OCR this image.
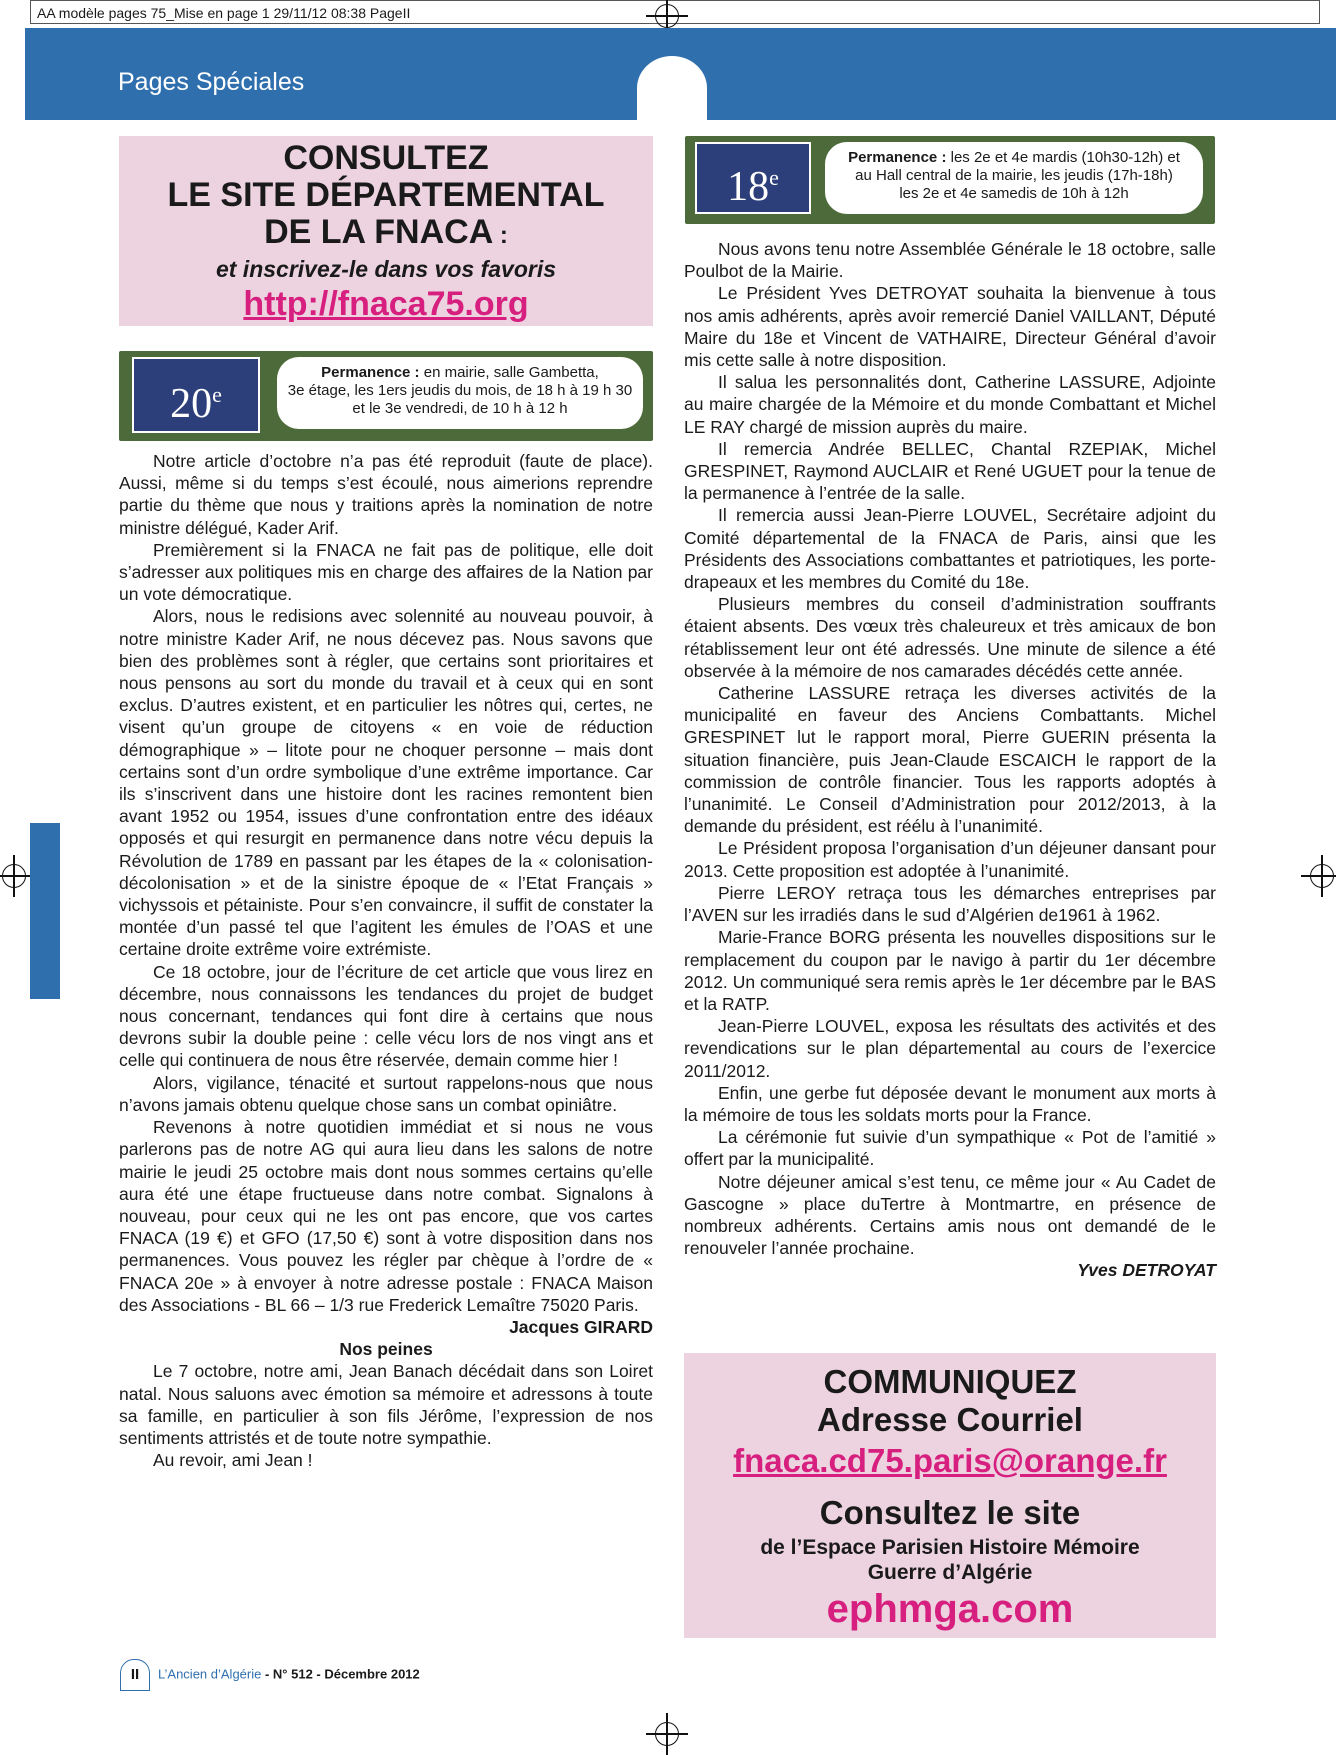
AA modèle pages 75_Mise en page 1 29/11/12 08:38 PageII
Pages Spéciales
CONSULTEZ
LE SITE DÉPARTEMENTAL
DE LA FNACA :
et inscrivez-le dans vos favoris
http://fnaca75.org
20e
Permanence : en mairie, salle Gambetta,
3e étage, les 1ers jeudis du mois, de 18 h à 19 h 30
et le 3e vendredi, de 10 h à 12 h
18e
Permanence : les 2e et 4e mardis (10h30-12h) et
au Hall central de la mairie, les jeudis (17h-18h)
les 2e et 4e samedis de 10h à 12h

Notre article d’octobre n’a pas été reproduit (faute de place). Aussi, même si du temps s’est écoulé, nous aimerions reprendre partie du thème que nous y traitions après la nomination de notre ministre délégué, Kader Arif.

Premièrement si la FNACA ne fait pas de politique, elle doit s’adresser aux politiques mis en charge des affaires de la Nation par un vote démocratique.

Alors, nous le redisions avec solennité au nouveau pouvoir, à notre ministre Kader Arif, ne nous décevez pas. Nous savons que bien des problèmes sont à régler, que certains sont prioritaires et nous pensons au sort du monde du travail et à ceux qui en sont exclus. D’autres existent, et en particulier les nôtres qui, certes, ne visent qu’un groupe de citoyens « en voie de réduction démographique » – litote pour ne choquer personne – mais dont certains sont d’un ordre symbolique d’une extrême importance. Car ils s’inscrivent dans une histoire dont les racines remontent bien avant 1952 ou 1954, issues d’une confrontation entre des idéaux opposés et qui resurgit en permanence dans notre vécu depuis la Révolution de 1789 en passant par les étapes de la « colonisation-décolonisation » et de la sinistre époque de « l’Etat Français » vichyssois et pétainiste. Pour s’en convaincre, il suffit de constater la montée d’un passé tel que l’agitent les émules de l’OAS et une certaine droite extrême voire extrémiste.

Ce 18 octobre, jour de l’écriture de cet article que vous lirez en décembre, nous connaissons les tendances du projet de budget nous concernant, tendances qui font dire à certains que nous devrons subir la double peine : celle vécu lors de nos vingt ans et celle qui continuera de nous être réservée, demain comme hier !

Alors, vigilance, ténacité et surtout rappelons-nous que nous n’avons jamais obtenu quelque chose sans un combat opiniâtre.

Revenons à notre quotidien immédiat et si nous ne vous parlerons pas de notre AG qui aura lieu dans les salons de notre mairie le jeudi 25 octobre mais dont nous sommes certains qu’elle aura été une étape fructueuse dans notre combat. Signalons à nouveau, pour ceux qui ne les ont pas encore, que vos cartes FNACA (19 €) et GFO (17,50 €) sont à votre disposition dans nos permanences. Vous pouvez les régler par chèque à l’ordre de « FNACA 20e » à envoyer à notre adresse postale : FNACA Maison des Associations - BL 66 – 1/3 rue Frederick Lemaître 75020 Paris.

Jacques GIRARD

Nos peines

Le 7 octobre, notre ami, Jean Banach décédait dans son Loiret natal. Nous saluons avec émotion sa mémoire et adressons à toute sa famille, en particulier à son fils Jérôme, l’expression de nos sentiments attristés et de toute notre sympathie.

Au revoir, ami Jean !

Nous avons tenu notre Assemblée Générale le 18 octobre, salle Poulbot de la Mairie.

Le Président Yves DETROYAT souhaita la bienvenue à tous nos amis adhérents, après avoir remercié Daniel VAILLANT, Député Maire du 18e et Vincent de VATHAIRE, Directeur Général d’avoir mis cette salle à notre disposition.

Il salua les personnalités dont, Catherine LASSURE, Adjointe au maire chargée de la Mémoire et du monde Combattant et Michel LE RAY chargé de mission auprès du maire.

Il remercia Andrée BELLEC, Chantal RZEPIAK, Michel GRESPINET, Raymond AUCLAIR et René UGUET pour la tenue de la permanence à l’entrée de la salle.

Il remercia aussi Jean-Pierre LOUVEL, Secrétaire adjoint du Comité départemental de la FNACA de Paris, ainsi que les Présidents des Associations combattantes et patriotiques, les porte-drapeaux et les membres du Comité du 18e.

Plusieurs membres du conseil d’administration souffrants étaient absents. Des vœux très chaleureux et très amicaux de bon rétablissement leur ont été adressés. Une minute de silence a été observée à la mémoire de nos camarades décédés cette année.

Catherine LASSURE retraça les diverses activités de la municipalité en faveur des Anciens Combattants. Michel GRESPINET lut le rapport moral, Pierre GUERIN présenta la situation financière, puis Jean-Claude ESCAICH le rapport de la commission de contrôle financier. Tous les rapports adoptés à l’unanimité. Le Conseil d’Administration pour 2012/2013, à la demande du président, est réélu à l’unanimité.

Le Président proposa l’organisation d’un déjeuner dansant pour 2013. Cette proposition est adoptée à l’unanimité.

Pierre LEROY retraça tous les démarches entreprises par l’AVEN sur les irradiés dans le sud d’Algérien de1961 à 1962.

Marie-France BORG présenta les nouvelles dispositions sur le remplacement du coupon par le navigo à partir du 1er décembre 2012. Un communiqué sera remis après le 1er décembre par le BAS et la RATP.

Jean-Pierre LOUVEL, exposa les résultats des activités et des revendications sur le plan départemental au cours de l’exercice 2011/2012.

Enfin, une gerbe fut déposée devant le monument aux morts à la mémoire de tous les soldats morts pour la France.

La cérémonie fut suivie d’un sympathique « Pot de l’amitié » offert par la municipalité.

Notre déjeuner amical s’est tenu, ce même jour « Au Cadet de Gascogne » place duTertre à Montmartre, en présence de nombreux adhérents. Certains amis nous ont demandé de le renouveler l’année prochaine.

Yves DETROYAT

COMMUNIQUEZ
Adresse Courriel
fnaca.cd75.paris@orange.fr
Consultez le site
de l’Espace Parisien Histoire Mémoire
Guerre d’Algérie
ephmga.com
II L’Ancien d’Algérie - N° 512 - Décembre 2012
